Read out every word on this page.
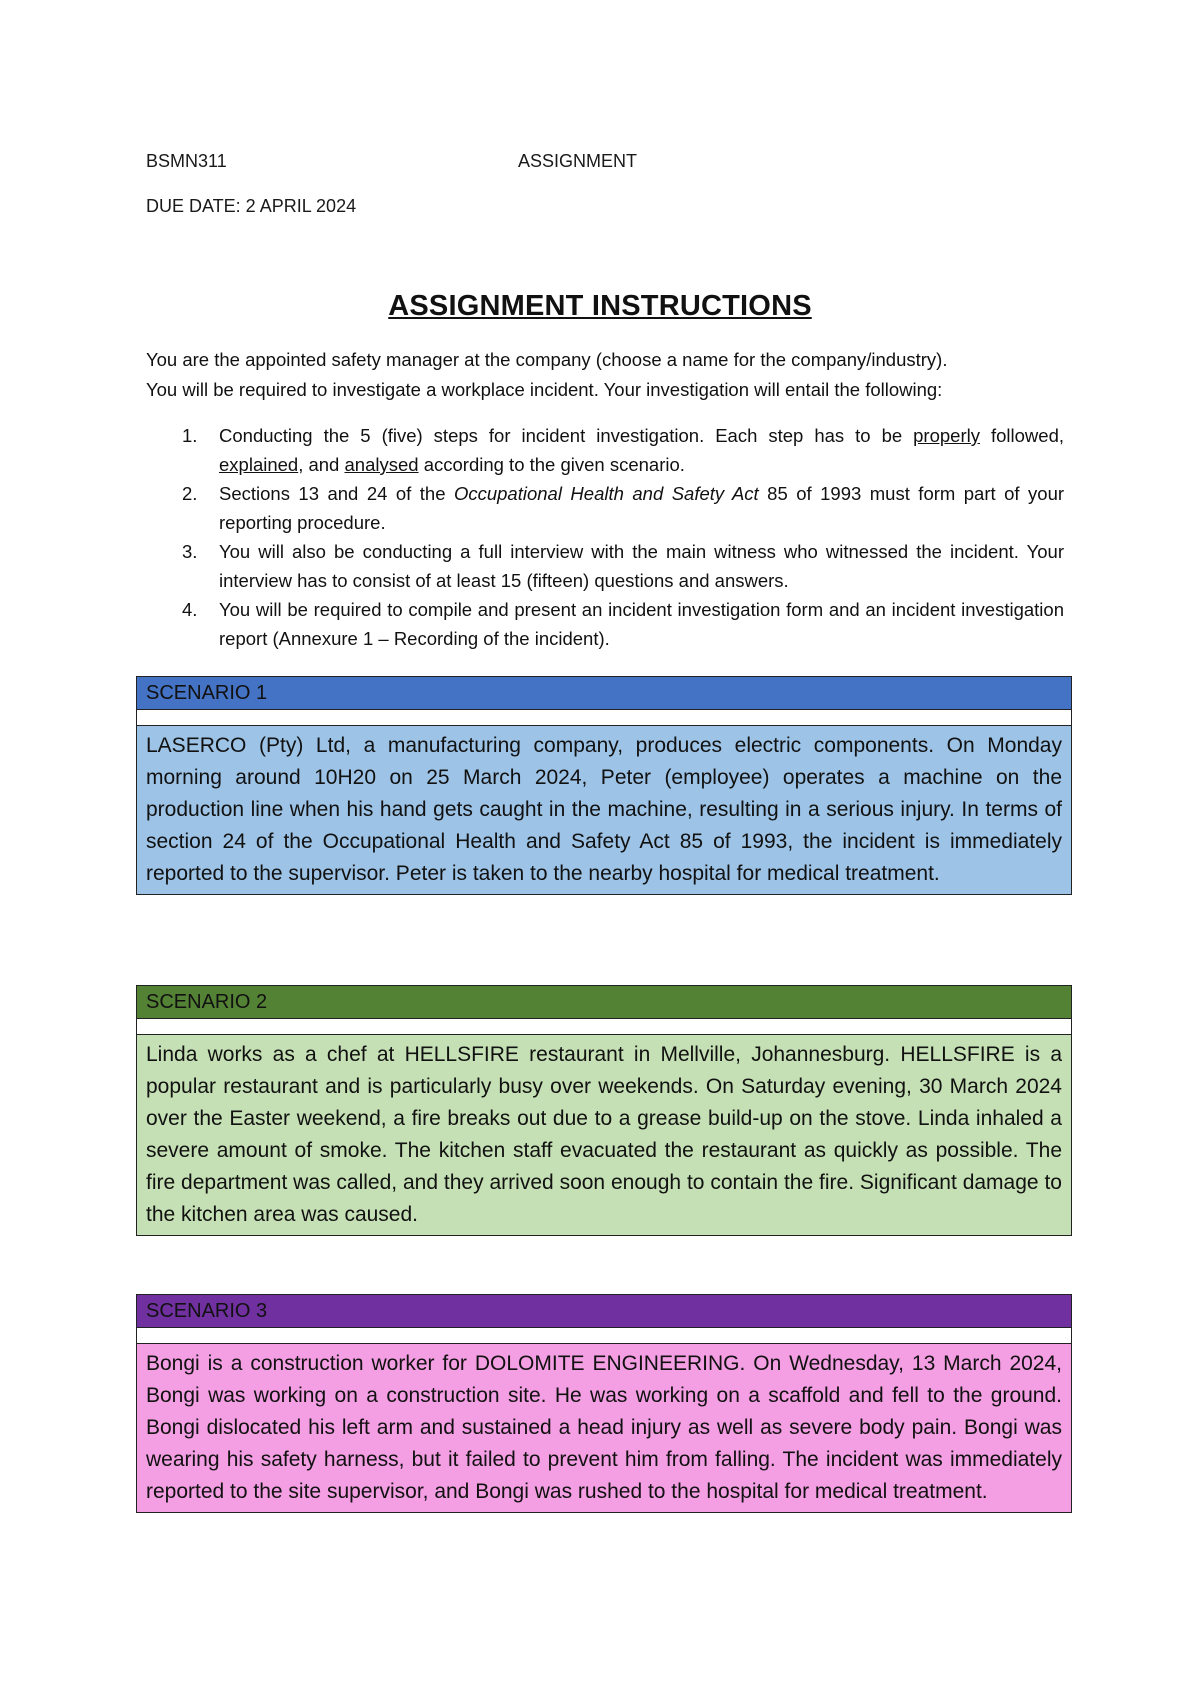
BSMN311	ASSIGNMENT
DUE DATE: 2 APRIL 2024
ASSIGNMENT INSTRUCTIONS

You are the appointed safety manager at the company (choose a name for the company/industry).

You will be required to investigate a workplace incident. Your investigation will entail the following:

1. Conducting the 5 (five) steps for incident investigation. Each step has to be properly followed, explained, and analysed according to the given scenario.
2. Sections 13 and 24 of the Occupational Health and Safety Act 85 of 1993 must form part of your reporting procedure.
3. You will also be conducting a full interview with the main witness who witnessed the incident. Your interview has to consist of at least 15 (fifteen) questions and answers.
4. You will be required to compile and present an incident investigation form and an incident investigation report (Annexure 1 – Recording of the incident).
SCENARIO 1
LASERCO (Pty) Ltd, a manufacturing company, produces electric components. On Monday morning around 10H20 on 25 March 2024, Peter (employee) operates a machine on the production line when his hand gets caught in the machine, resulting in a serious injury. In terms of section 24 of the Occupational Health and Safety Act 85 of 1993, the incident is immediately reported to the supervisor. Peter is taken to the nearby hospital for medical treatment.
SCENARIO 2
Linda works as a chef at HELLSFIRE restaurant in Mellville, Johannesburg. HELLSFIRE is a popular restaurant and is particularly busy over weekends. On Saturday evening, 30 March 2024 over the Easter weekend, a fire breaks out due to a grease build-up on the stove. Linda inhaled a severe amount of smoke. The kitchen staff evacuated the restaurant as quickly as possible. The fire department was called, and they arrived soon enough to contain the fire. Significant damage to the kitchen area was caused.
SCENARIO 3
Bongi is a construction worker for DOLOMITE ENGINEERING. On Wednesday, 13 March 2024, Bongi was working on a construction site. He was working on a scaffold and fell to the ground. Bongi dislocated his left arm and sustained a head injury as well as severe body pain. Bongi was wearing his safety harness, but it failed to prevent him from falling. The incident was immediately reported to the site supervisor, and Bongi was rushed to the hospital for medical treatment.
